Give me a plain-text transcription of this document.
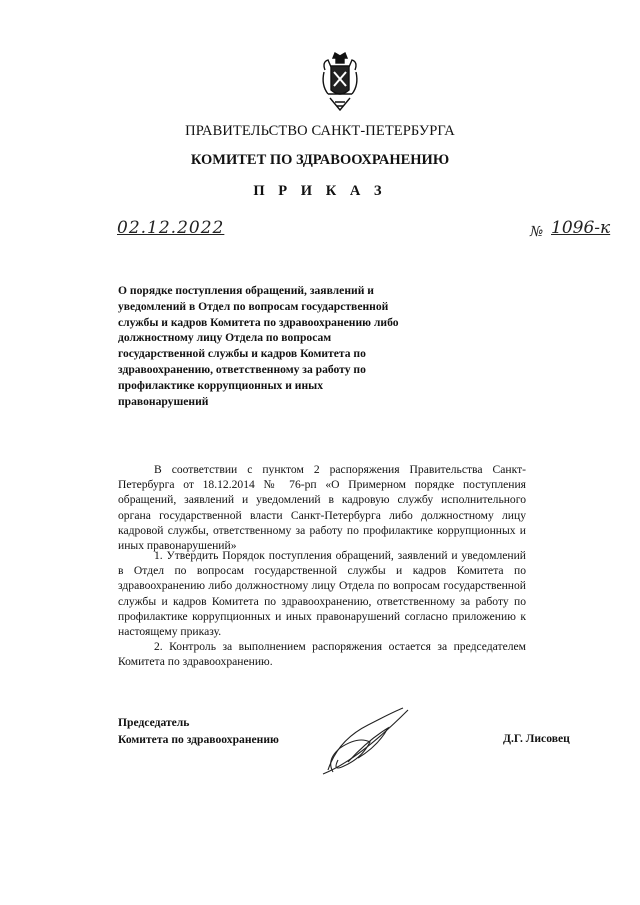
ПРАВИТЕЛЬСТВО САНКТ-ПЕТЕРБУРГА
КОМИТЕТ ПО ЗДРАВООХРАНЕНИЮ
П Р И К А З
02.12.2022	№ 1096-к
О порядке поступления обращений, заявлений и уведомлений в Отдел по вопросам государственной службы и кадров Комитета по здравоохранению либо должностному лицу Отдела по вопросам государственной службы и кадров Комитета по здравоохранению, ответственному за работу по профилактике коррупционных и иных правонарушений

В соответствии с пунктом 2 распоряжения Правительства Санкт-Петербурга от 18.12.2014 № 76-рп «О Примерном порядке поступления обращений, заявлений и уведомлений в кадровую службу исполнительного органа государственной власти Санкт-Петербурга либо должностному лицу кадровой службы, ответственному за работу по профилактике коррупционных и иных правонарушений»

1. Утвердить Порядок поступления обращений, заявлений и уведомлений в Отдел по вопросам государственной службы и кадров Комитета по здравоохранению либо должностному лицу Отдела по вопросам государственной службы и кадров Комитета по здравоохранению, ответственному за работу по профилактике коррупционных и иных правонарушений согласно приложению к настоящему приказу.

2. Контроль за выполнением распоряжения остается за председателем Комитета по здравоохранению.

Председатель
Комитета по здравоохранению	Д.Г. Лисовец
